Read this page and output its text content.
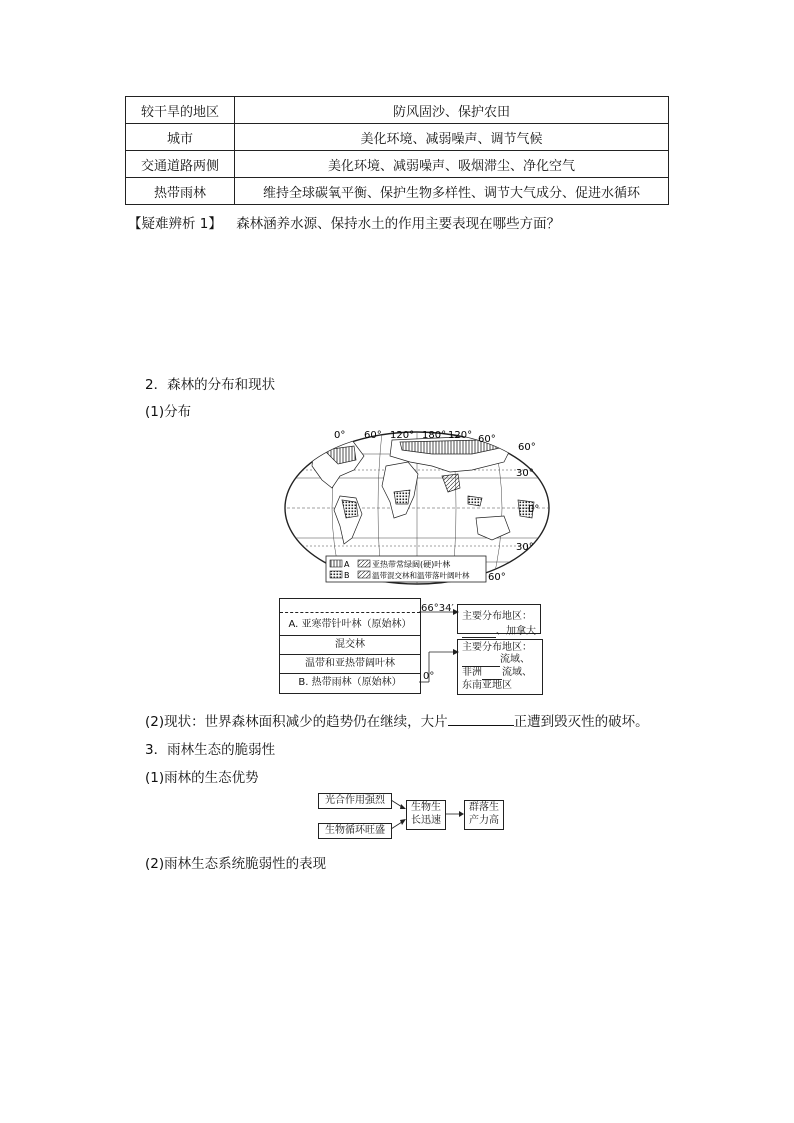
较干旱的地区	防风固沙、保护农田
城市	美化环境、减弱噪声、调节气候
交通道路两侧	美化环境、减弱噪声、吸烟滞尘、净化空气
热带雨林	维持全球碳氧平衡、保护生物多样性、调节大气成分、促进水循环
【疑难辨析 1】 森林涵养水源、保持水土的作用主要表现在哪些方面？
2．森林的分布和现状
(1)分布
0° 60° 120° 180° 120° 60°
60°
30°
0°
30°
60°
A	亚热带常绿阔(硬)叶林
B	温带混交林和温带落叶阔叶林
A. 亚寒带针叶林（原始林）
混交林
温带和亚热带阔叶林
B. 热带雨林（原始林）
66°34′
0°
主要分布地区：
、加拿大
主要分布地区：
流域、
非洲 流域、
东南亚地区
(2)现状：世界森林面积减少的趋势仍在继续，大片	正遭到毁灭性的破坏。
3．雨林生态的脆弱性
(1)雨林的生态优势
光合作用强烈
生物循环旺盛
生物生
长迅速
群落生
产力高
(2)雨林生态系统脆弱性的表现
